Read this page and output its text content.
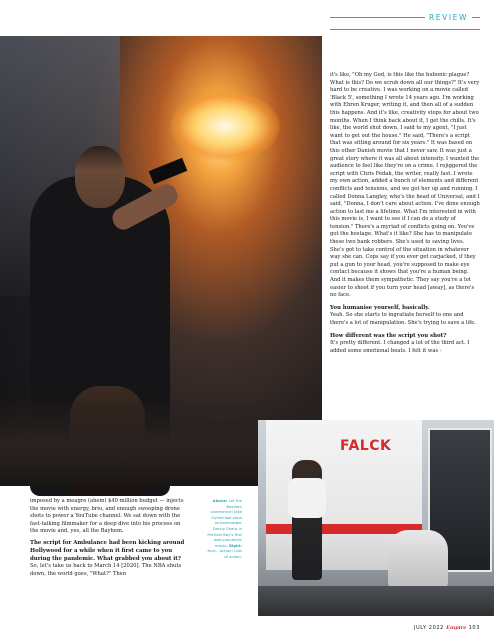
REVIEW

it's like, "Oh my God, is this like the bubonic plague? What is this? Do we scrub down all our things?" It's very hard to be creative. I was working on a movie called 'Black 5', something I wrote 14 years ago. I'm working with Ehren Kruger, writing it, and then all of a sudden this happens. And it's like, creativity stops for about two months. When I think back about it, I get the chills. It's like, the world shut down. I said to my agent, "I just want to get out the house." He said, "There's a script that was sitting around for six years." It was based on this other Danish movie that I never saw. It was just a great story where it was all about intensity. I wanted the audience to feel like they're on a crime. I rejiggered the script with Chris Fedak, the writer, really fast. I wrote my own action, added a bunch of elements and different conflicts and tensions, and we got her up and running. I called Donna Langley, who's the head of Universal, and I said, "Donna, I don't care about action. I've done enough action to last me a lifetime. What I'm interested in with this movie is, I want to see if I can do a study of tension." There's a myriad of conflicts going on. You've got the hostage. What's it like? She has to manipulate these two bank robbers. She's used to saving lives. She's got to take control of the situation in whatever way she can. Cops say if you ever get carjacked, if they put a gun to your head, you're supposed to make eye contact because it shows that you're a human being. And it makes them sympathetic. They say you're a lot easier to shoot if you turn your head [away], as there's no face.

You humanise yourself, basically.

Yeah. So she starts to ingratiate herself to one and there's a lot of manipulation. She's trying to save a life.

How different was the script you shot?

It's pretty different. I changed a lot of the third act. I added some emotional beats. I felt it was ›

imposed by a meagre (ahem) $40 million budget — injects the movie with energy, brio, and enough swooping drone shots to power a YouTube channel. We sat down with the fast-talking filmmaker for a deep dive into his process on the movie and, yes, all the Bayhem.

The script for Ambulance had been kicking around Hollywood for a while when it first came to you during the pandemic. What grabbed you about it?

So, let's take us back to March 14 [2020]. The NBA shuts down, the world goes, "What?" Then

Above: Let the Bayhem commence! Jake Gyllenhaal stars as bankrobber Danny Sharp in Michael Bay's first post-pandemic movie. Right: And... action! Lots of action.
FALCK
JULY 2022 Empire 103
